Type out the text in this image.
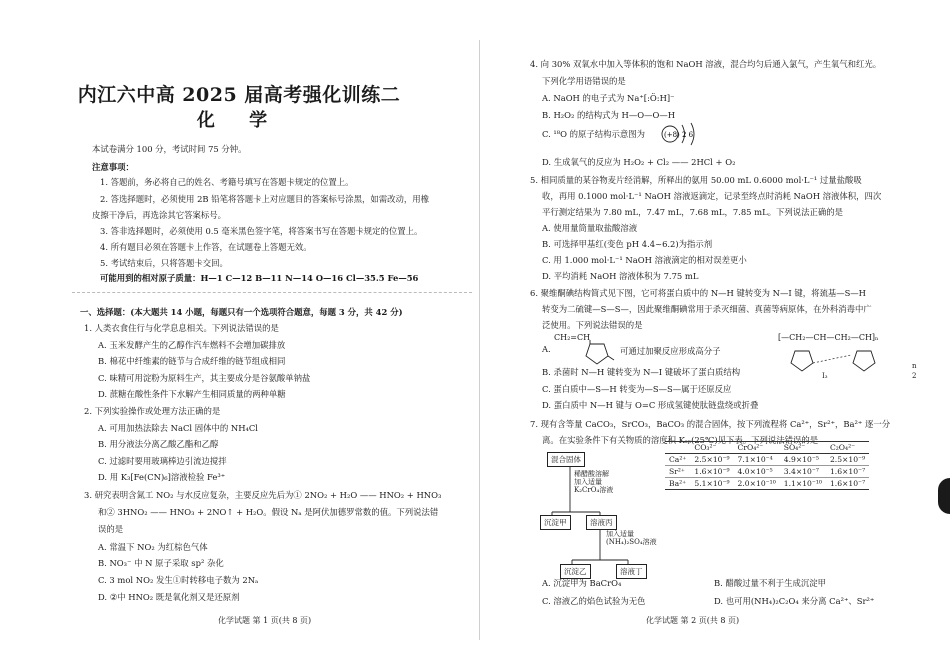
内江六中高 2025 届高考强化训练二
化 学
本试卷满分 100 分，考试时间 75 分钟。
注意事项：
1. 答题前，务必将自己的姓名、考籍号填写在答题卡规定的位置上。
2. 答选择题时，必须使用 2B 铅笔将答题卡上对应题目的答案标号涂黑，如需改动，用橡
皮擦干净后，再选涂其它答案标号。
3. 答非选择题时，必须使用 0.5 毫米黑色签字笔，将答案书写在答题卡规定的位置上。
4. 所有题目必须在答题卡上作答，在试题卷上答题无效。
5. 考试结束后，只将答题卡交回。
可能用到的相对原子质量：H—1 C—12 B—11 N—14 O—16 Cl—35.5 Fe—56
一、选择题：(本大题共 14 小题，每题只有一个选项符合题意，每题 3 分，共 42 分)
1. 人类衣食住行与化学息息相关。下列说法错误的是
A. 玉米发酵产生的乙醇作汽车燃料不会增加碳排放
B. 棉花中纤维素的链节与合成纤维的链节组成相同
C. 味精可用淀粉为原料生产，其主要成分是谷氨酸单钠盐
D. 蔗糖在酸性条件下水解产生相同质量的两种单糖
2. 下列实验操作或处理方法正确的是
A. 可用加热法除去 NaCl 固体中的 NH₄Cl
B. 用分液法分离乙酸乙酯和乙醇
C. 过滤时要用玻璃棒边引流边搅拌
D. 用 K₃[Fe(CN)₆]溶液检验 Fe³⁺
3. 研究表明含氮工 NO₂ 与水反应复杂，主要反应先后为① 2NO₂ + H₂O —— HNO₂ + HNO₃
和② 3HNO₂ —— HNO₃ + 2NO↑ + H₂O。假设 Nₐ 是阿伏加德罗常数的值。下列说法错
误的是
A. 常温下 NO₂ 为红棕色气体
B. NO₃⁻ 中 N 原子采取 sp² 杂化
C. 3 mol NO₂ 发生①时转移电子数为 2Nₐ
D. ②中 HNO₂ 既是氧化剂又是还原剂
化学试题 第 1 页(共 8 页)
4. 向 30% 双氧水中加入等体积的饱和 NaOH 溶液，混合均匀后通入氯气，产生氧气和红光。
下列化学用语错误的是
A. NaOH 的电子式为 Na⁺[:Ö:H]⁻
B. H₂O₂ 的结构式为 H—O—O—H
C. ¹⁸O 的原子结构示意图为	(+8) 2 6
D. 生成氧气的反应为 H₂O₂ + Cl₂ —— 2HCl + O₂
5. 相同质量的某谷物麦片经消解，所释出的氨用 50.00 mL 0.6000 mol·L⁻¹ 过量盐酸吸
收，再用 0.1000 mol·L⁻¹ NaOH 溶液返滴定，记录至终点时消耗 NaOH 溶液体积，四次
平行测定结果为 7.80 mL，7.47 mL，7.68 mL，7.85 mL。下列说法正确的是
A. 使用量筒量取盐酸溶液
B. 可选择甲基红(变色 pH 4.4~6.2)为指示剂
C. 用 1.000 mol·L⁻¹ NaOH 溶液滴定的相对误差更小
D. 平均消耗 NaOH 溶液体积为 7.75 mL
6. 聚维酮碘结构简式见下图，它可将蛋白质中的 N—H 键转变为 N—I 键，将巯基—S—H
转变为二硫键—S—S—，因此聚维酮碘常用于杀灭细菌、真菌等病原体，在外科消毒中广
泛使用。下列说法错误的是
A.
CH₂=CH
可通过加聚反应形成高分子
[—CH₂—CH—CH₂—CH]ₙ
I₃
n
2
B. 杀菌时 N—H 键转变为 N—I 键破坏了蛋白质结构
C. 蛋白质中—S—H 转变为—S—S—属于还原反应
D. 蛋白质中 N—H 键与 O=C 形成氢键使肽链盘绕或折叠
7. 现有含等量 CaCO₃，SrCO₃，BaCO₃ 的混合固体，按下列流程将 Ca²⁺，Sr²⁺，Ba²⁺ 逐一分
离。在实验条件下有关物质的溶度积 Kₛₚ(25℃)见下表。下列说法错误的是
混合固体
稀醋酸溶解
加入适量
K₂CrO₄溶液
沉淀甲	溶液丙
加入适量
(NH₄)₂SO₄溶液
沉淀乙	溶液丁
A. 沉淀甲为 BaCrO₄	B. 醋酸过量不利于生成沉淀甲
C. 溶液乙的焰色试验为无色	D. 也可用(NH₄)₂C₂O₄ 来分离 Ca²⁺、Sr²⁺
化学试题 第 2 页(共 8 页)
	CO₃²⁻	CrO₄²⁻	SO₄²⁻	C₂O₄²⁻
Ca²⁺	2.5×10⁻⁹	7.1×10⁻⁴	4.9×10⁻⁵	2.5×10⁻⁹
Sr²⁺	1.6×10⁻⁹	4.0×10⁻⁵	3.4×10⁻⁷	1.6×10⁻⁷
Ba²⁺	5.1×10⁻⁹	2.0×10⁻¹⁰	1.1×10⁻¹⁰	1.6×10⁻⁷
